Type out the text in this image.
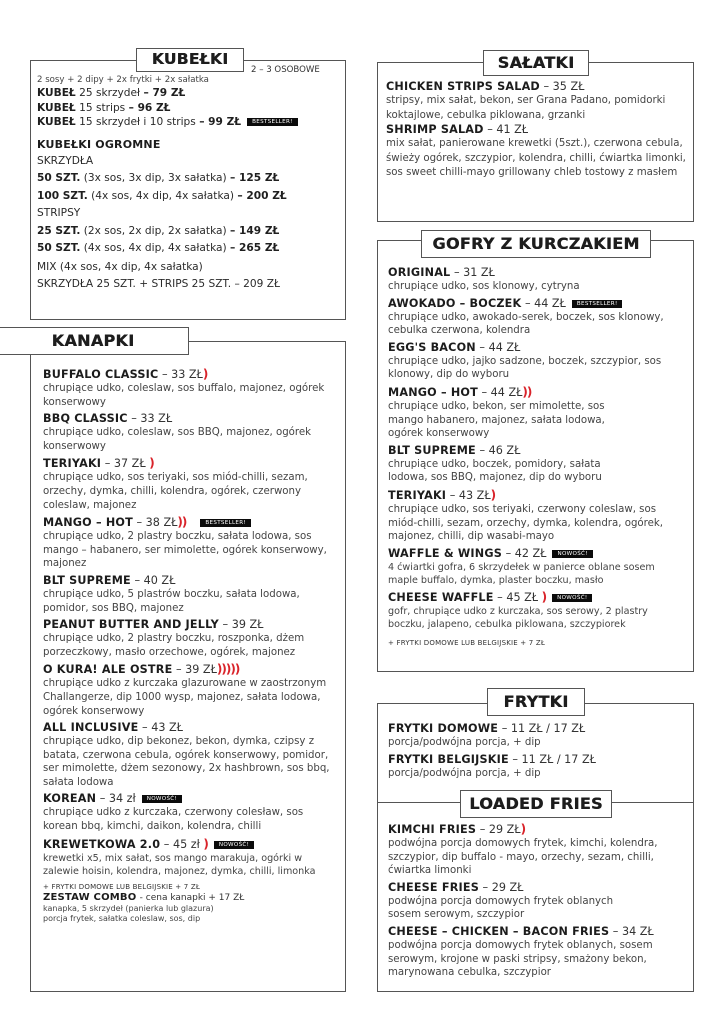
KUBEŁKI
2 – 3 OSOBOWE
2 sosy + 2 dipy + 2x frytki + 2x sałatka
KUBEŁ 25 skrzydeł – 79 ZŁ
KUBEŁ 15 strips – 96 ZŁ
KUBEŁ 15 skrzydeł i 10 strips – 99 ZŁ BESTSELLER!
KUBEŁKI OGROMNE
SKRZYDŁA
50 SZT. (3x sos, 3x dip, 3x sałatka) – 125 ZŁ
100 SZT. (4x sos, 4x dip, 4x sałatka) – 200 ZŁ
STRIPSY
25 SZT. (2x sos, 2x dip, 2x sałatka) – 149 ZŁ
50 SZT. (4x sos, 4x dip, 4x sałatka) – 265 ZŁ
MIX (4x sos, 4x dip, 4x sałatka)
SKRZYDŁA 25 SZT. + STRIPS 25 SZT. – 209 ZŁ
KANAPKI
BUFFALO CLASSIC – 33 ZŁ)
chrupiące udko, coleslaw, sos buffalo, majonez, ogórek konserwowy
BBQ CLASSIC – 33 ZŁ
chrupiące udko, coleslaw, sos BBQ, majonez, ogórek konserwowy
TERIYAKI – 37 ZŁ )
chrupiące udko, sos teriyaki, sos miód-chilli, sezam, orzechy, dymka, chilli, kolendra, ogórek, czerwony coleslaw, majonez
MANGO – HOT – 38 ZŁ))	BESTSELLER!
chrupiące udko, 2 plastry boczku, sałata lodowa, sos mango – habanero, ser mimolette, ogórek konserwowy, majonez
BLT SUPREME – 40 ZŁ
chrupiące udko, 5 plastrów boczku, sałata lodowa, pomidor, sos BBQ, majonez
PEANUT BUTTER AND JELLY – 39 ZŁ
chrupiące udko, 2 plastry boczku, roszponka, dżem porzeczkowy, masło orzechowe, ogórek, majonez
O KURA! ALE OSTRE – 39 ZŁ)))))
chrupiące udko z kurczaka glazurowane w zaostrzonym Challangerze, dip 1000 wysp, majonez, sałata lodowa, ogórek konserwowy
ALL INCLUSIVE – 43 ZŁ
chrupiące udko, dip bekonez, bekon, dymka, czipsy z batata, czerwona cebula, ogórek konserwowy, pomidor, ser mimolette, dżem sezonowy, 2x hashbrown, sos bbq, sałata lodowa
KOREAN – 34 zł NOWOŚĆ!
chrupiące udko z kurczaka, czerwony colesław, sos korean bbq, kimchi, daikon, kolendra, chilli
KREWETKOWA 2.0 – 45 zł ) NOWOŚĆ!
krewetki x5, mix sałat, sos mango marakuja, ogórki w zalewie hoisin, kolendra, majonez, dymka, chilli, limonka
+ FRYTKI DOMOWE LUB BELGIJSKIE + 7 ZŁ
ZESTAW COMBO - cena kanapki + 17 ZŁ
kanapka, 5 skrzydeł (panierka lub glazura)
porcja frytek, sałatka coleslaw, sos, dip
SAŁATKI
CHICKEN STRIPS SALAD – 35 ZŁ
stripsy, mix sałat, bekon, ser Grana Padano, pomidorki koktajlowe, cebulka piklowana, grzanki
SHRIMP SALAD – 41 ZŁ
mix sałat, panierowane krewetki (5szt.), czerwona cebula, świeży ogórek, szczypior, kolendra, chilli, ćwiartka limonki, sos sweet chilli-mayo grillowany chleb tostowy z masłem
GOFRY Z KURCZAKIEM
ORIGINAL – 31 ZŁ
chrupiące udko, sos klonowy, cytryna
AWOKADO – BOCZEK – 44 ZŁ BESTSELLER!
chrupiące udko, awokado-serek, boczek, sos klonowy, cebulka czerwona, kolendra
EGG'S BACON – 44 ZŁ
chrupiące udko, jajko sadzone, boczek, szczypior, sos klonowy, dip do wyboru
MANGO – HOT – 44 ZŁ))
chrupiące udko, bekon, ser mimolette, sos mango habanero, majonez, sałata lodowa, ogórek konserwowy
BLT SUPREME – 46 ZŁ
chrupiące udko, boczek, pomidory, sałata lodowa, sos BBQ, majonez, dip do wyboru
TERIYAKI – 43 ZŁ)
chrupiące udko, sos teriyaki, czerwony coleslaw, sos miód-chilli, sezam, orzechy, dymka, kolendra, ogórek, majonez, chilli, dip wasabi-mayo
WAFFLE & WINGS – 42 ZŁ NOWOŚĆ!
4 ćwiartki gofra, 6 skrzydełek w panierce oblane sosem maple buffalo, dymka, plaster boczku, masło
CHEESE WAFFLE – 45 ZŁ ) NOWOŚĆ!
gofr, chrupiące udko z kurczaka, sos serowy, 2 plastry boczku, jalapeno, cebulka piklowana, szczypiorek
+ FRYTKI DOMOWE LUB BELGIJSKIE + 7 ZŁ
FRYTKI
FRYTKI DOMOWE – 11 ZŁ / 17 ZŁ
porcja/podwójna porcja, + dip
FRYTKI BELGIJSKIE – 11 ZŁ / 17 ZŁ
porcja/podwójna porcja, + dip
LOADED FRIES
KIMCHI FRIES – 29 ZŁ)
podwójna porcja domowych frytek, kimchi, kolendra, szczypior, dip buffalo - mayo, orzechy, sezam, chilli, ćwiartka limonki
CHEESE FRIES – 29 ZŁ
podwójna porcja domowych frytek oblanych sosem serowym, szczypior
CHEESE – CHICKEN – BACON FRIES – 34 ZŁ
podwójna porcja domowych frytek oblanych, sosem serowym, krojone w paski stripsy, smażony bekon, marynowana cebulka, szczypior
